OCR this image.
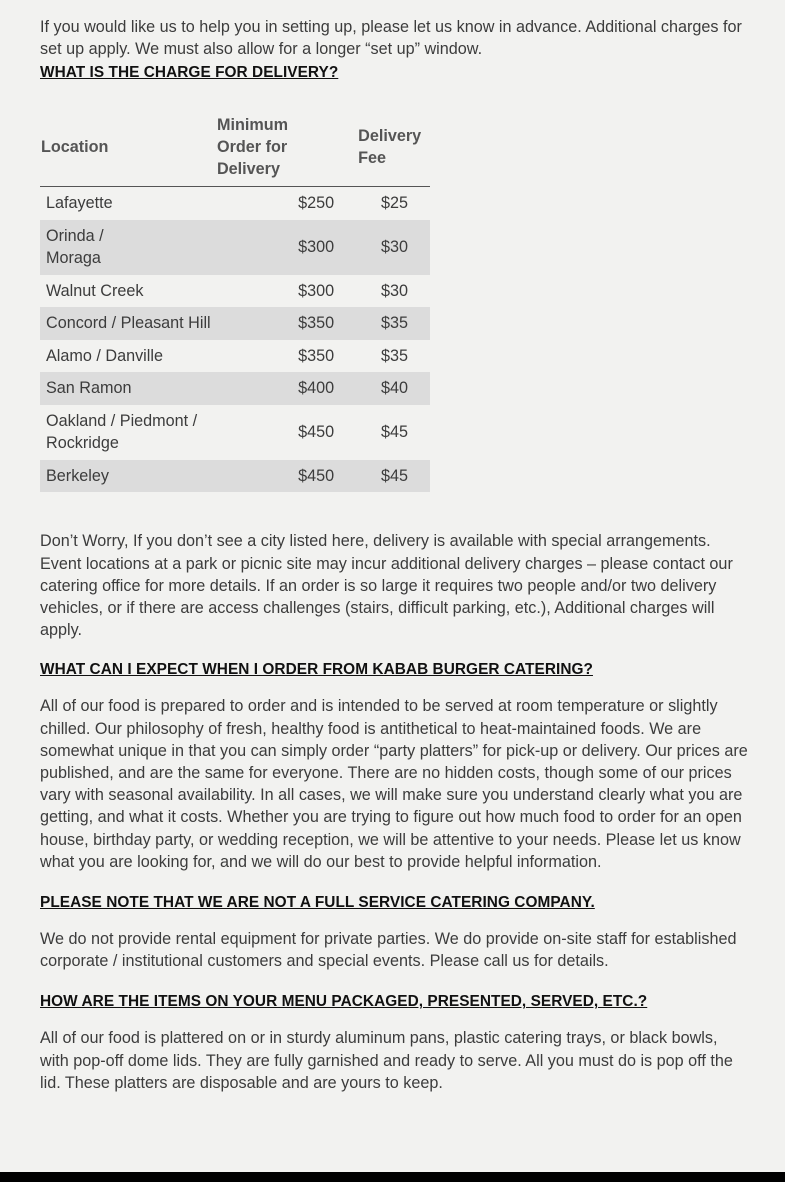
If you would like us to help you in setting up, please let us know in advance. Additional charges for set up apply. We must also allow for a longer “set up” window.

WHAT IS THE CHARGE FOR DELIVERY?
Location	Minimum Order for Delivery	Delivery Fee
Lafayette	$250	$25
Orinda / Moraga	$300	$30
Walnut Creek	$300	$30
Concord / Pleasant Hill	$350	$35
Alamo / Danville	$350	$35
San Ramon	$400	$40
Oakland / Piedmont / Rockridge	$450	$45
Berkeley	$450	$45

Don’t Worry, If you don’t see a city listed here, delivery is available with special arrangements. Event locations at a park or picnic site may incur additional delivery charges – please contact our catering office for more details. If an order is so large it requires two people and/or two delivery vehicles, or if there are access challenges (stairs, difficult parking, etc.), Additional charges will apply.

WHAT CAN I EXPECT WHEN I ORDER FROM KABAB BURGER CATERING?

All of our food is prepared to order and is intended to be served at room temperature or slightly chilled. Our philosophy of fresh, healthy food is antithetical to heat-maintained foods. We are somewhat unique in that you can simply order “party platters” for pick-up or delivery. Our prices are published, and are the same for everyone. There are no hidden costs, though some of our prices vary with seasonal availability. In all cases, we will make sure you understand clearly what you are getting, and what it costs. Whether you are trying to figure out how much food to order for an open house, birthday party, or wedding reception, we will be attentive to your needs. Please let us know what you are looking for, and we will do our best to provide helpful information.

PLEASE NOTE THAT WE ARE NOT A FULL SERVICE CATERING COMPANY.

We do not provide rental equipment for private parties. We do provide on-site staff for established corporate / institutional customers and special events. Please call us for details.

HOW ARE THE ITEMS ON YOUR MENU PACKAGED, PRESENTED, SERVED, ETC.?

All of our food is plattered on or in sturdy aluminum pans, plastic catering trays, or black bowls, with pop-off dome lids. They are fully garnished and ready to serve. All you must do is pop off the lid. These platters are disposable and are yours to keep.
